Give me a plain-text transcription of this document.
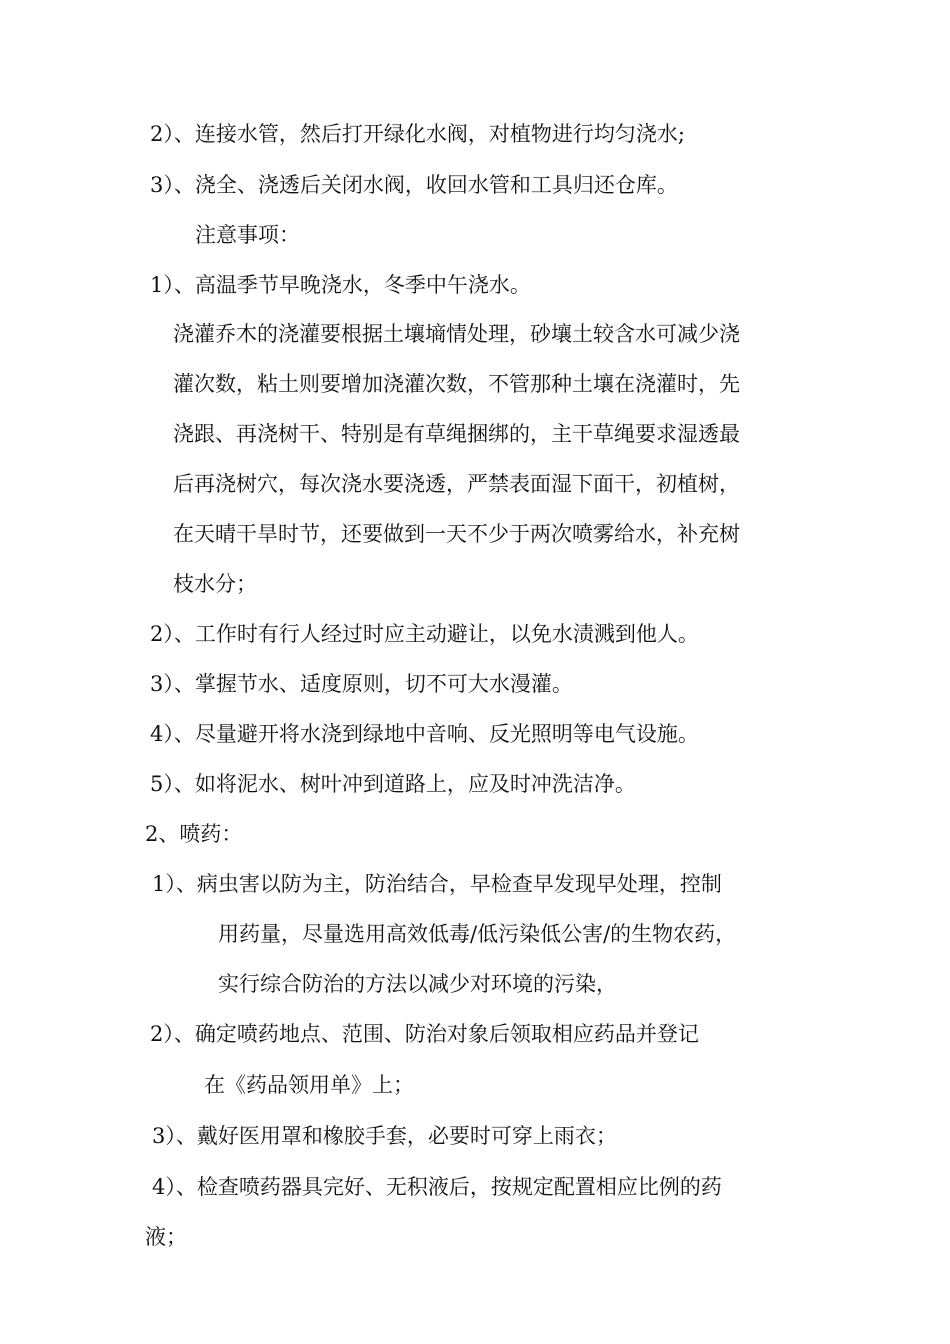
2）、连接水管，然后打开绿化水阀，对植物进行均匀浇水;
3）、浇全、浇透后关闭水阀，收回水管和工具归还仓库。
注意事项：
1）、高温季节早晚浇水，冬季中午浇水。
浇灌乔木的浇灌要根据土壤墒情处理，砂壤土较含水可减少浇
灌次数，粘土则要增加浇灌次数，不管那种土壤在浇灌时，先
浇跟、再浇树干、特别是有草绳捆绑的，主干草绳要求湿透最
后再浇树穴，每次浇水要浇透，严禁表面湿下面干，初植树，
在天晴干旱时节，还要做到一天不少于两次喷雾给水，补充树
枝水分；
2）、工作时有行人经过时应主动避让，以免水渍溅到他人。
3）、掌握节水、适度原则，切不可大水漫灌。
4）、尽量避开将水浇到绿地中音响、反光照明等电气设施。
5）、如将泥水、树叶冲到道路上，应及时冲洗洁净。
2、喷药：
1）、病虫害以防为主，防治结合，早检查早发现早处理，控制
用药量，尽量选用高效低毒/低污染低公害/的生物农药，
实行综合防治的方法以减少对环境的污染，
2）、确定喷药地点、范围、防治对象后领取相应药品并登记
在《药品领用单》上；
3）、戴好医用罩和橡胶手套，必要时可穿上雨衣；
4）、检查喷药器具完好、无积液后，按规定配置相应比例的药
液；
